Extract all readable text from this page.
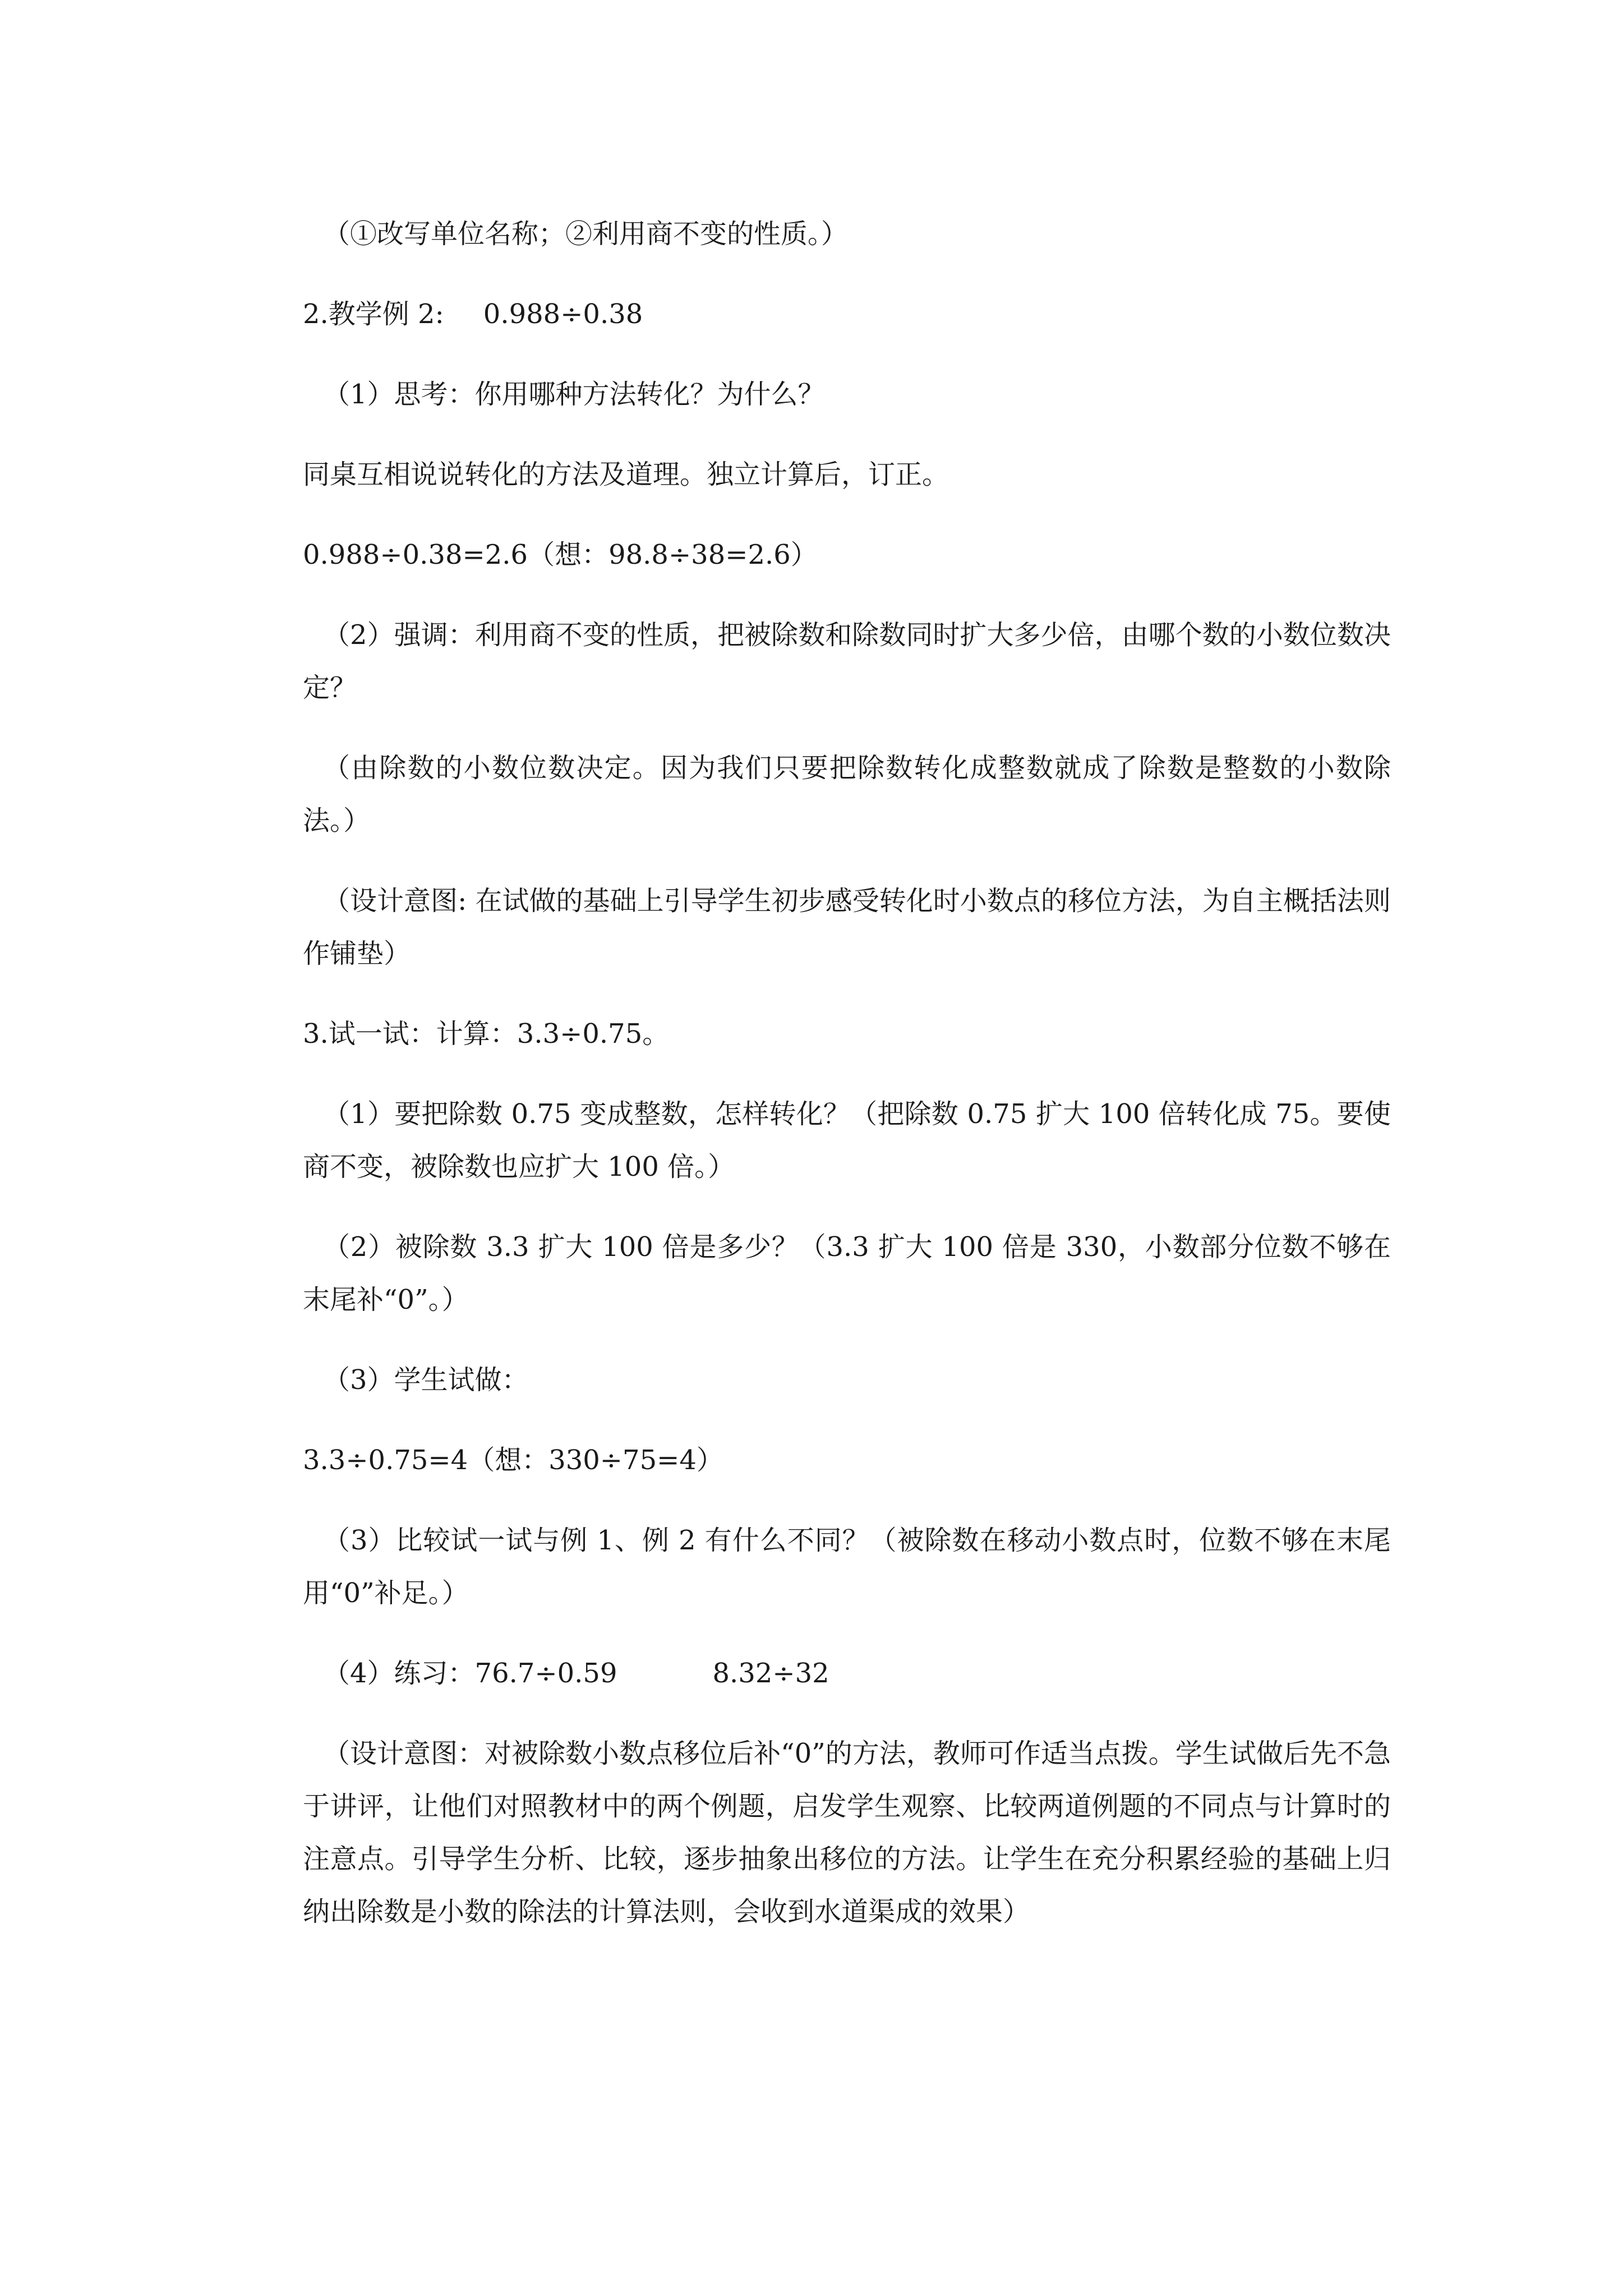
（①改写单位名称；②利用商不变的性质。）

2.教学例 2: 0.988÷0.38

（1）思考：你用哪种方法转化？为什么？

同桌互相说说转化的方法及道理。独立计算后，订正。

0.988÷0.38=2.6（想：98.8÷38=2.6）

（2）强调：利用商不变的性质，把被除数和除数同时扩大多少倍，由哪个数的小数位数决定？

（由除数的小数位数决定。因为我们只要把除数转化成整数就成了除数是整数的小数除法。）

（设计意图: 在试做的基础上引导学生初步感受转化时小数点的移位方法，为自主概括法则作铺垫）

3.试一试：计算：3.3÷0.75。

（1）要把除数 0.75 变成整数，怎样转化？（把除数 0.75 扩大 100 倍转化成 75。要使商不变，被除数也应扩大 100 倍。）

（2）被除数 3.3 扩大 100 倍是多少？（3.3 扩大 100 倍是 330，小数部分位数不够在末尾补“0”。）

（3）学生试做：

3.3÷0.75=4（想：330÷75=4）

（3）比较试一试与例 1、例 2 有什么不同？（被除数在移动小数点时，位数不够在末尾用“0”补足。）

（4）练习：76.7÷0.59	8.32÷32

（设计意图：对被除数小数点移位后补“0”的方法，教师可作适当点拨。学生试做后先不急于讲评，让他们对照教材中的两个例题，启发学生观察、比较两道例题的不同点与计算时的注意点。引导学生分析、比较，逐步抽象出移位的方法。让学生在充分积累经验的基础上归纳出除数是小数的除法的计算法则，会收到水道渠成的效果）
